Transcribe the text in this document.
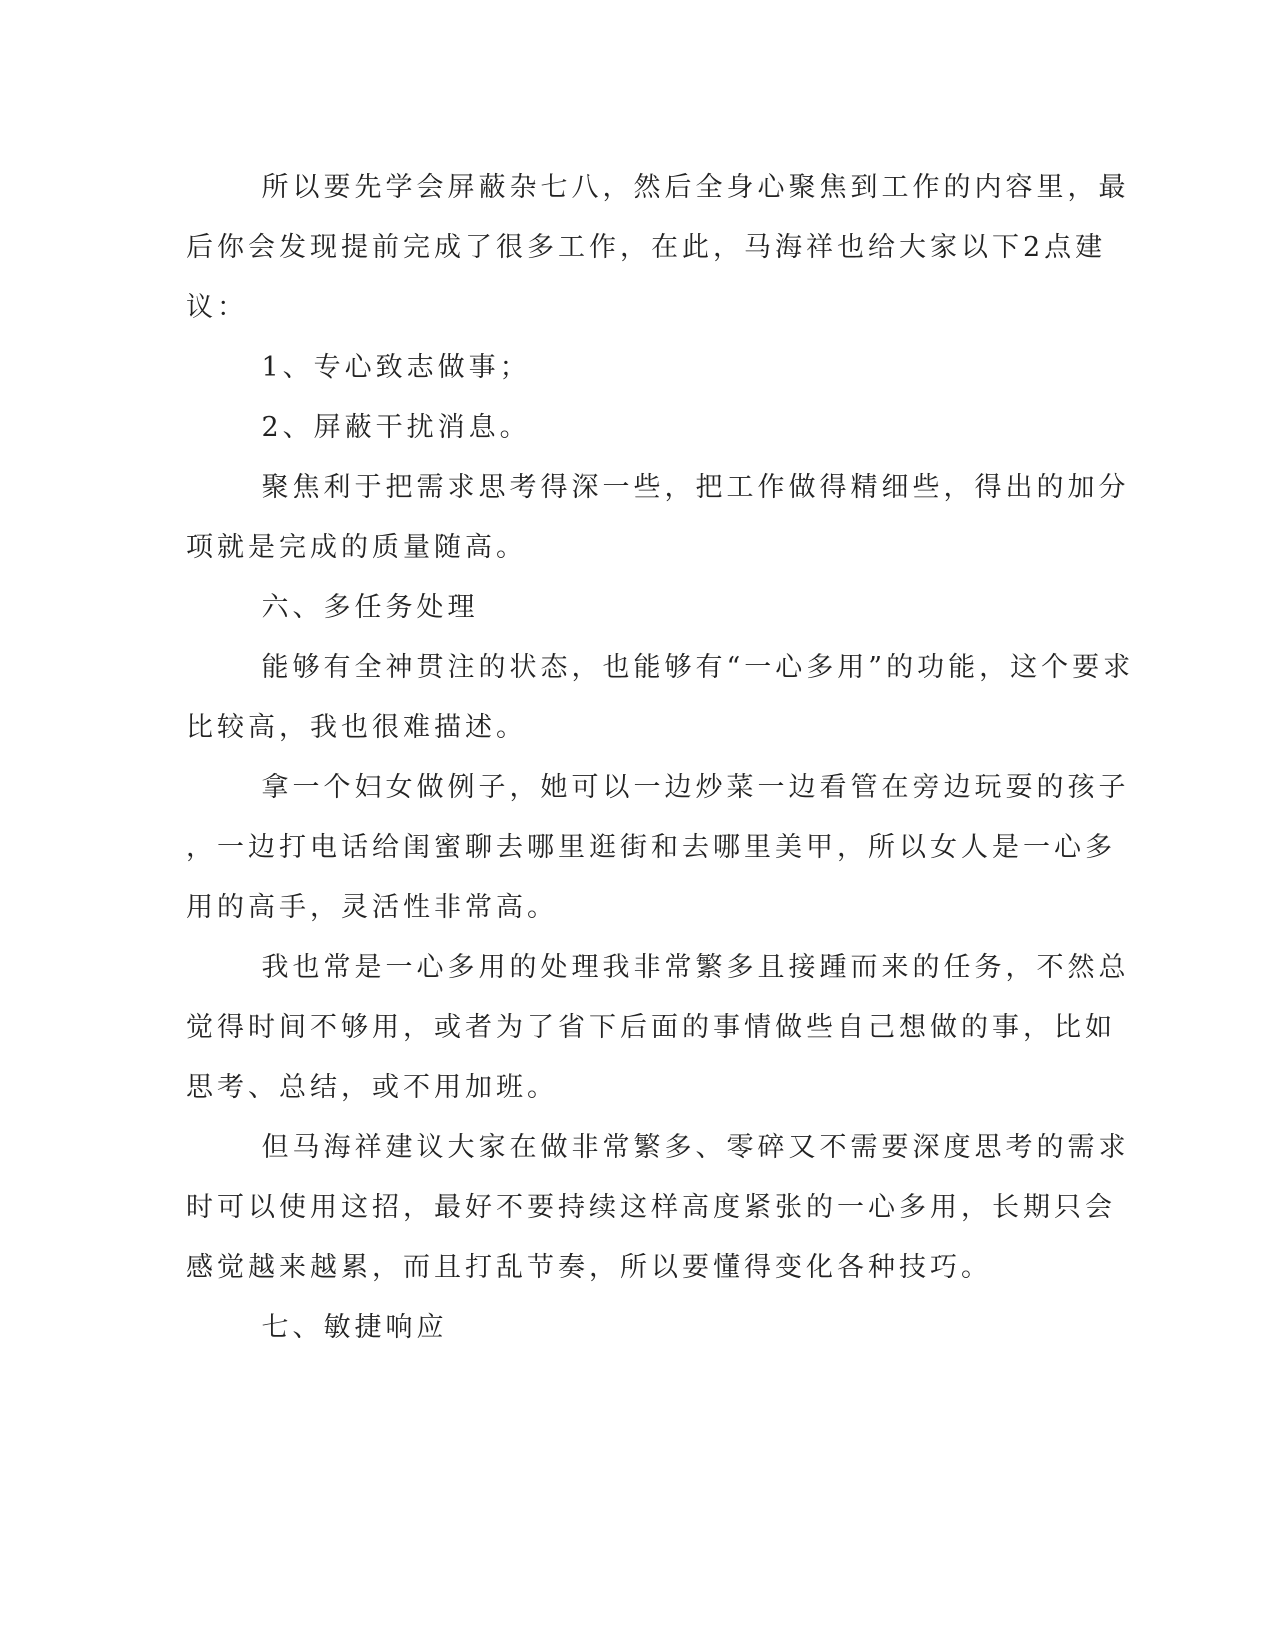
所以要先学会屏蔽杂七八，然后全身心聚焦到工作的内容里，最
后你会发现提前完成了很多工作，在此，马海祥也给大家以下2点建
议：
1、专心致志做事；
2、屏蔽干扰消息。
聚焦利于把需求思考得深一些，把工作做得精细些，得出的加分
项就是完成的质量随高。
六、多任务处理
能够有全神贯注的状态，也能够有“一心多用”的功能，这个要求
比较高，我也很难描述。
拿一个妇女做例子，她可以一边炒菜一边看管在旁边玩耍的孩子
，一边打电话给闺蜜聊去哪里逛街和去哪里美甲，所以女人是一心多
用的高手，灵活性非常高。
我也常是一心多用的处理我非常繁多且接踵而来的任务，不然总
觉得时间不够用，或者为了省下后面的事情做些自己想做的事，比如
思考、总结，或不用加班。
但马海祥建议大家在做非常繁多、零碎又不需要深度思考的需求
时可以使用这招，最好不要持续这样高度紧张的一心多用，长期只会
感觉越来越累，而且打乱节奏，所以要懂得变化各种技巧。
七、敏捷响应
